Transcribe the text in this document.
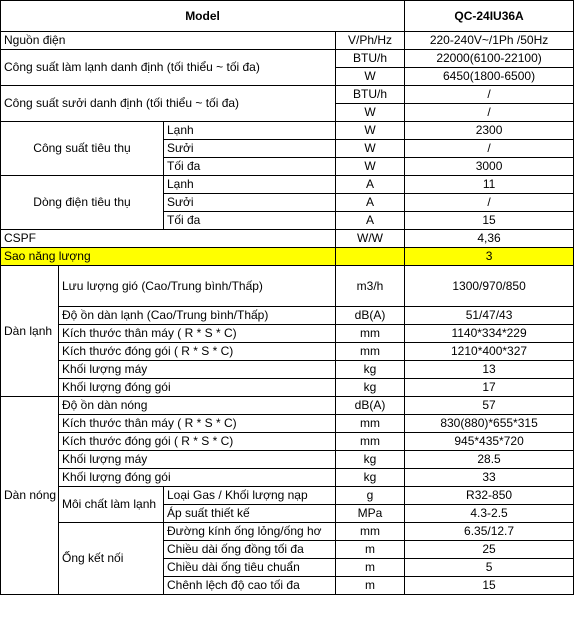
Model				QC-24IU36A
Nguồn điện			V/Ph/Hz	220-240V~/1Ph /50Hz
Công suất làm lạnh danh định (tối thiểu ~ tối đa)			BTU/h	22000(6100-22100)
			W	6450(1800-6500)
Công suất sưởi danh định (tối thiểu ~ tối đa)			BTU/h	/
			W	/
Công suất tiêu thụ		Lạnh	W	2300
		Sưởi	W	/
		Tối đa	W	3000
Dòng điện tiêu thụ		Lạnh	A	11
		Sưởi	A	/
		Tối đa	A	15
CSPF			W/W	4,36
Sao năng lượng				3
Dàn lạnh	Lưu lượng gió (Cao/Trung bình/Thấp)		m3/h	1300/970/850
	Độ ồn dàn lạnh (Cao/Trung bình/Thấp)		dB(A)	51/47/43
	Kích thước thân máy ( R * S * C)		mm	1140*334*229
	Kích thước đóng gói ( R * S * C)		mm	1210*400*327
	Khối lượng máy		kg	13
	Khối lượng đóng gói		kg	17
Dàn nóng	Độ ồn dàn nóng		dB(A)	57
	Kích thước thân máy ( R * S * C)		mm	830(880)*655*315
	Kích thước đóng gói ( R * S * C)		mm	945*435*720
	Khối lượng máy		kg	28.5
	Khối lượng đóng gói		kg	33
	Môi chất làm lạnh	Loại Gas / Khối lượng nạp	g	R32-850
		Áp suất thiết kế	MPa	4.3-2.5
	Ống kết nối	Đường kính ống lỏng/ống hơ	mm	6.35/12.7
		Chiều dài ống đồng tối đa	m	25
		Chiều dài ống tiêu chuẩn	m	5
		Chênh lệch độ cao tối đa	m	15
